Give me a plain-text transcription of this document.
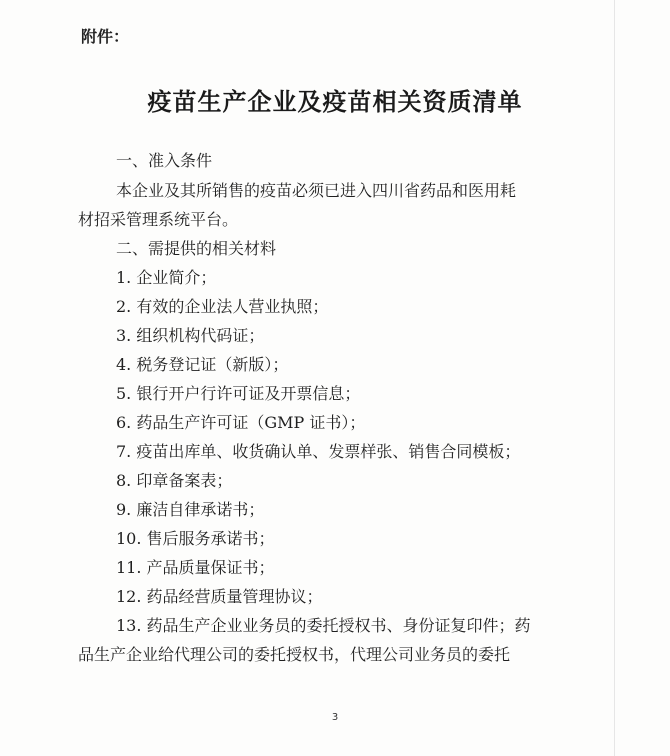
附件：
疫苗生产企业及疫苗相关资质清单
一、准入条件
本企业及其所销售的疫苗必须已进入四川省药品和医用耗
材招采管理系统平台。
二、需提供的相关材料
1. 企业简介；
2. 有效的企业法人营业执照；
3. 组织机构代码证；
4. 税务登记证（新版）；
5. 银行开户行许可证及开票信息；
6. 药品生产许可证（GMP 证书）；
7. 疫苗出库单、收货确认单、发票样张、销售合同模板；
8. 印章备案表；
9. 廉洁自律承诺书；
10. 售后服务承诺书；
11. 产品质量保证书；
12. 药品经营质量管理协议；
13. 药品生产企业业务员的委托授权书、身份证复印件；药
品生产企业给代理公司的委托授权书，代理公司业务员的委托
3
